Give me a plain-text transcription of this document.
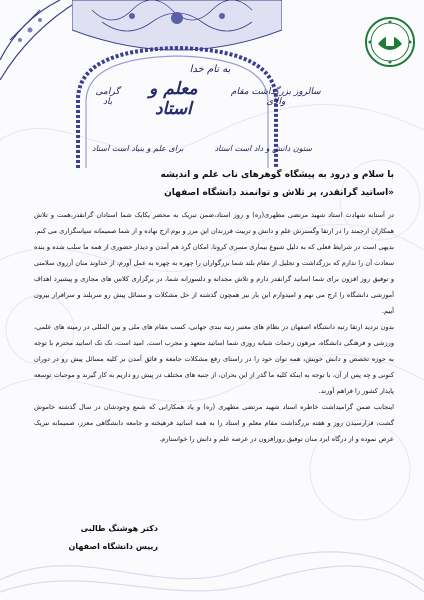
به نام خدا

سالروز بزرگداشت مقام والای
معلم و استاد
گرامی باد
ستون دانش و داد است استاد
برای علم و بنیاد است استاد

با سلام و درود به پیشگاه گوهرهای ناب علم و اندیشه

«اساتید گرانقدر، پر تلاش و توانمند دانشگاه اصفهان

در آستانه شهادت استاد شهید مرتضی مطهری(ره) و روز استاد،ضمن تبریک به محضر یکایک شما استادان گرانقدر،همت و تلاش همکاران ارجمند را در ارتقا وگسترش علم و دانش و تربیت فرزندان این مرز و بوم ارج نهاده و از شما صمیمانه سپاسگزاری می کنم.

بدیهی است در شرایط فعلی که به دلیل شیوع بیماری مسری کرونا، امکان گرد هم آمدن و دیدار حضوری از همه ما سلب شده و بنده سعادت آن را ندارم که بزرگداشت و تجلیل از مقام بلند شما بزرگواران را چهره به چهره به عمل آورم، از خداوند منان آرزوی سلامتی و توفیق روز افزون برای شما اساتید گرانقدر دارم و تلاش مجدانه و دلسوزانه شما، در برگزاری کلاس های مجازی و پیشبرد اهداف آموزشی دانشگاه را ارج می نهم و امیدوارم این بار نیز همچون گذشته از حل مشکلات و مسائل پیش رو سربلند و سرافراز بیرون آییم.

بدون تردید ارتقا رتبه دانشگاه اصفهان در نظام های معتبر رتبه بندی جهانی، کسب مقام های ملی و بین المللی در زمینه های علمی، ورزشی و فرهنگی دانشگاه، مرهون زحمات شبانه روزی شما اساتید متعهد و مجرب است. امید است، تک تک اساتید محترم با توجه به حوزه تخصص و دانش خویش، همه توان خود را در راستای رفع مشکلات جامعه و فائق آمدن بر کلیه مسائل پیش رو در دوران کنونی و چه پس از آن، با توجه به اینکه کلیه ما گذر از این بحران، از جنبه های مختلف در پیش رو داریم به کار گیرند و موجبات توسعه پایدار کشور را فراهم آورند.

اینجانب ضمن گرامیداشت خاطره استاد شهید مرتضی مطهری (ره) و یاد همکارانی که شمع وجودشان در سال گذشته خاموش گشت، فرارسیدن روز و هفته بزرگداشت مقام معلم و استاد را به همه اساتید فرهیخته و جامعه دانشگاهی معزز، صمیمانه تبریک عرض نموده و از درگاه ایزد منان توفیق روزافزون در عرصه علم و دانش را خواستارم.

دکتر هوشنگ طالبی

رییس دانشگاه اصفهان
